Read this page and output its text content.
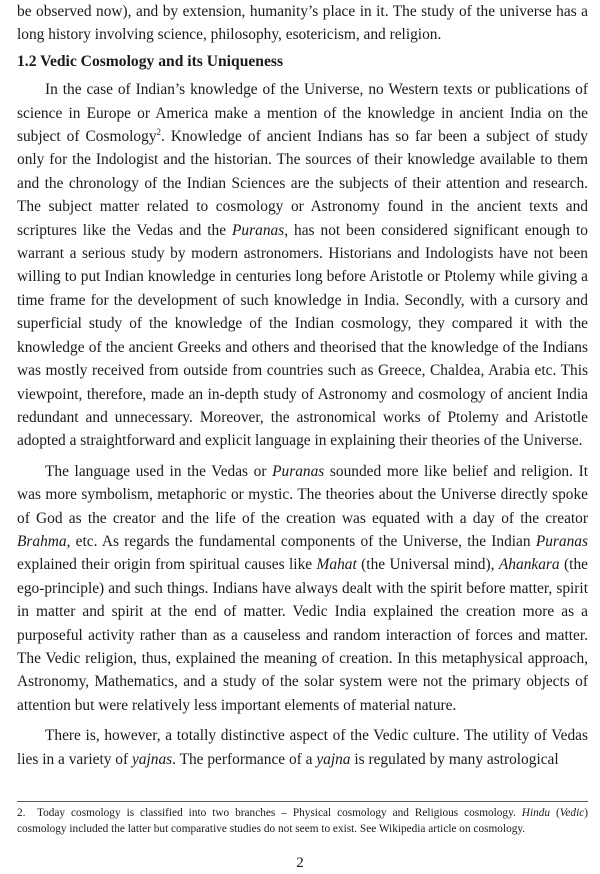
be observed now), and by extension, humanity’s place in it. The study of the universe has a long history involving science, philosophy, esotericism, and religion.

1.2 Vedic Cosmology and its Uniqueness

In the case of Indian’s knowledge of the Universe, no Western texts or publications of science in Europe or America make a mention of the knowledge in ancient India on the subject of Cosmology$^2$. Knowledge of ancient Indians has so far been a subject of study only for the Indologist and the historian. The sources of their knowledge available to them and the chronology of the Indian Sciences are the subjects of their attention and research. The subject matter related to cosmology or Astronomy found in the ancient texts and scriptures like the Vedas and the Puranas, has not been considered significant enough to warrant a serious study by modern astronomers. Historians and Indologists have not been willing to put Indian knowledge in centuries long before Aristotle or Ptolemy while giving a time frame for the development of such knowledge in India. Secondly, with a cursory and superficial study of the knowledge of the Indian cosmology, they compared it with the knowledge of the ancient Greeks and others and theorised that the knowledge of the Indians was mostly received from outside from countries such as Greece, Chaldea, Arabia etc. This viewpoint, therefore, made an in-depth study of Astronomy and cosmology of ancient India redundant and unnecessary. Moreover, the astronomical works of Ptolemy and Aristotle adopted a straightforward and explicit language in explaining their theories of the Universe.

The language used in the Vedas or Puranas sounded more like belief and religion. It was more symbolism, metaphoric or mystic. The theories about the Universe directly spoke of God as the creator and the life of the creation was equated with a day of the creator Brahma, etc. As regards the fundamental components of the Universe, the Indian Puranas explained their origin from spiritual causes like Mahat (the Universal mind), Ahankara (the ego-principle) and such things. Indians have always dealt with the spirit before matter, spirit in matter and spirit at the end of matter. Vedic India explained the creation more as a purposeful activity rather than as a causeless and random interaction of forces and matter. The Vedic religion, thus, explained the meaning of creation. In this metaphysical approach, Astronomy, Mathematics, and a study of the solar system were not the primary objects of attention but were relatively less important elements of material nature.

There is, however, a totally distinctive aspect of the Vedic culture. The utility of Vedas lies in a variety of yajnas. The performance of a yajna is regulated by many astrological

2. Today cosmology is classified into two branches – Physical cosmology and Religious cosmology. Hindu (Vedic) cosmology included the latter but comparative studies do not seem to exist. See Wikipedia article on cosmology.
2
